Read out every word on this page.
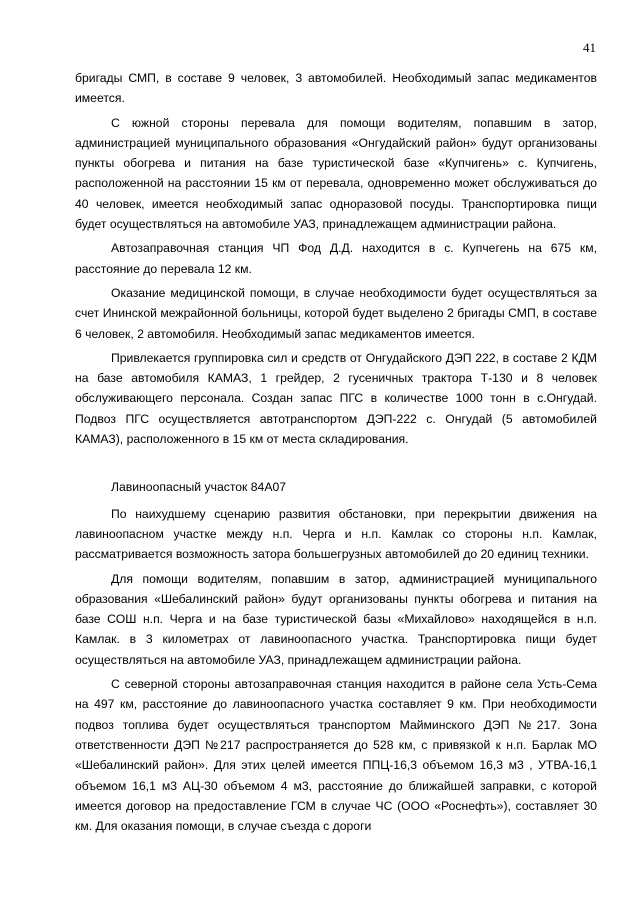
41

бригады СМП, в составе 9 человек, 3 автомобилей. Необходимый запас медикаментов имеется.

С южной стороны перевала для помощи водителям, попавшим в затор, администрацией муниципального образования «Онгудайский район» будут организованы пункты обогрева и питания на базе туристической базе «Купчигень» с. Купчигень, расположенной на расстоянии 15 км от перевала, одновременно может обслуживаться до 40 человек, имеется необходимый запас одноразовой посуды. Транспортировка пищи будет осуществляться на автомобиле УАЗ, принадлежащем администрации района.

Автозаправочная станция ЧП Фод Д.Д. находится в с. Купчегень на 675 км, расстояние до перевала 12 км.

Оказание медицинской помощи, в случае необходимости будет осуществляться за счет Ининской межрайонной больницы, которой будет выделено 2 бригады СМП, в составе 6 человек, 2 автомобиля. Необходимый запас медикаментов имеется.

Привлекается группировка сил и средств от Онгудайского ДЭП 222, в составе 2 КДМ на базе автомобиля КАМАЗ, 1 грейдер, 2 гусеничных трактора Т-130 и 8 человек обслуживающего персонала. Создан запас ПГС в количестве 1000 тонн в с.Онгудай. Подвоз ПГС осуществляется автотранспортом ДЭП-222 с. Онгудай (5 автомобилей КАМАЗ), расположенного в 15 км от места складирования.

Лавиноопасный участок 84А07

По наихудшему сценарию развития обстановки, при перекрытии движения на лавиноопасном участке между н.п. Черга и н.п. Камлак со стороны н.п. Камлак, рассматривается возможность затора большегрузных автомобилей до 20 единиц техники.

Для помощи водителям, попавшим в затор, администрацией муниципального образования «Шебалинский район» будут организованы пункты обогрева и питания на базе СОШ н.п. Черга и на базе туристической базы «Михайлово» находящейся в н.п. Камлак. в 3 километрах от лавиноопасного участка. Транспортировка пищи будет осуществляться на автомобиле УАЗ, принадлежащем администрации района.

С северной стороны автозаправочная станция находится в районе села Усть-Сема на 497 км, расстояние до лавиноопасного участка составляет 9 км. При необходимости подвоз топлива будет осуществляться транспортом Майминского ДЭП №217. Зона ответственности ДЭП №217 распространяется до 528 км, с привязкой к н.п. Барлак МО «Шебалинский район». Для этих целей имеется ППЦ-16,3 объемом 16,3 м3 , УТВА-16,1 объемом 16,1 м3 АЦ-30 объемом 4 м3, расстояние до ближайшей заправки, с которой имеется договор на предоставление ГСМ в случае ЧС (ООО «Роснефть»), составляет 30 км. Для оказания помощи, в случае съезда с дороги
